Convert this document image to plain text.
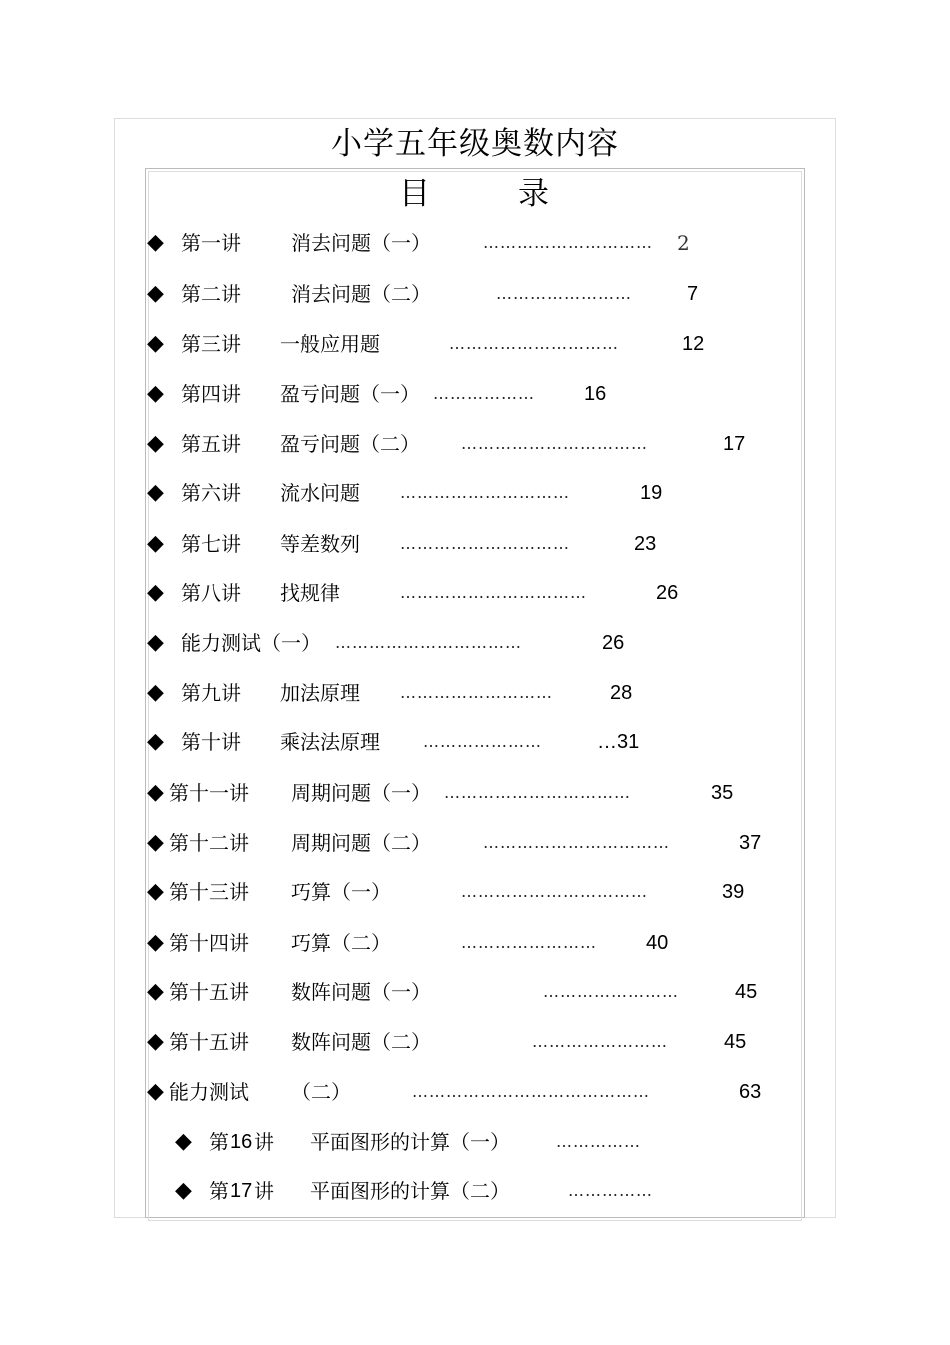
小学五年级奥数内容
目	录
◆ 第一讲	消去问题（一）	………………………… 2
◆ 第二讲	消去问题（二）	……………………	7
◆ 第三讲 一般应用题	…………………………	12
◆ 第四讲 盈亏问题（一） ……………… 16
◆ 第五讲 盈亏问题（二）	……………………………	17
◆ 第六讲 流水问题	…………………………	19
◆ 第七讲 等差数列	…………………………	23
◆ 第八讲 找规律	……………………………	26
◆ 能力测试（一） ……………………………	26
◆ 第九讲 加法原理	………………………	28
◆ 第十讲 乘法法原理	…………………	…31
◆ 第十一讲 周期问题（一） ……………………………	35
◆ 第十二讲 周期问题（二）	……………………………	37
◆ 第十三讲 巧算（一）	……………………………	39
◆ 第十四讲 巧算（二）	…………………… 40
◆ 第十五讲 数阵问题（一）	……………………	45
◆ 第十五讲 数阵问题（二）	……………………	45
◆ 能力测试 （二）	……………………………………	63
◆ 第 16 讲 平面图形的计算（一）	……………
◆ 第 17 讲 平面图形的计算（二）	……………
